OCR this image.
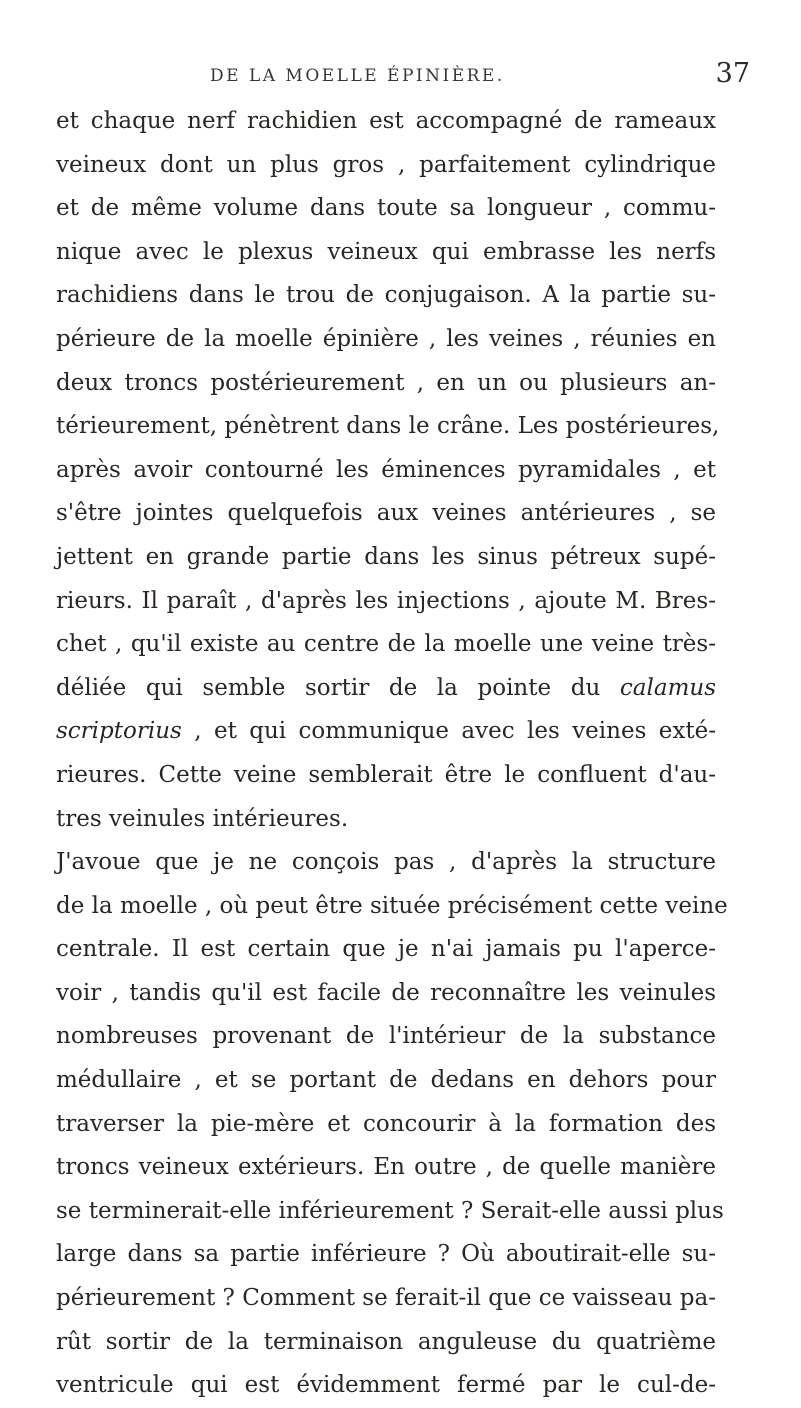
DE LA MOELLE ÉPINIÈRE.	37
et chaque nerf rachidien est accompagné de rameaux
veineux dont un plus gros , parfaitement cylindrique
et de même volume dans toute sa longueur , commu-
nique avec le plexus veineux qui embrasse les nerfs
rachidiens dans le trou de conjugaison. A la partie su-
périeure de la moelle épinière , les veines , réunies en
deux troncs postérieurement , en un ou plusieurs an-
térieurement, pénètrent dans le crâne. Les postérieures,
après avoir contourné les éminences pyramidales , et
s'être jointes quelquefois aux veines antérieures , se
jettent en grande partie dans les sinus pétreux supé-
rieurs. Il paraît , d'après les injections , ajoute M. Bres-
chet , qu'il existe au centre de la moelle une veine très-
déliée qui semble sortir de la pointe du calamus
scriptorius , et qui communique avec les veines exté-
rieures. Cette veine semblerait être le confluent d'au-
tres veinules intérieures.
J'avoue que je ne conçois pas , d'après la structure
de la moelle , où peut être située précisément cette veine
centrale. Il est certain que je n'ai jamais pu l'aperce-
voir , tandis qu'il est facile de reconnaître les veinules
nombreuses provenant de l'intérieur de la substance
médullaire , et se portant de dedans en dehors pour
traverser la pie-mère et concourir à la formation des
troncs veineux extérieurs. En outre , de quelle manière
se terminerait-elle inférieurement ? Serait-elle aussi plus
large dans sa partie inférieure ? Où aboutirait-elle su-
périeurement ? Comment se ferait-il que ce vaisseau pa-
rût sortir de la terminaison anguleuse du quatrième
ventricule qui est évidemment fermé par le cul-de-
